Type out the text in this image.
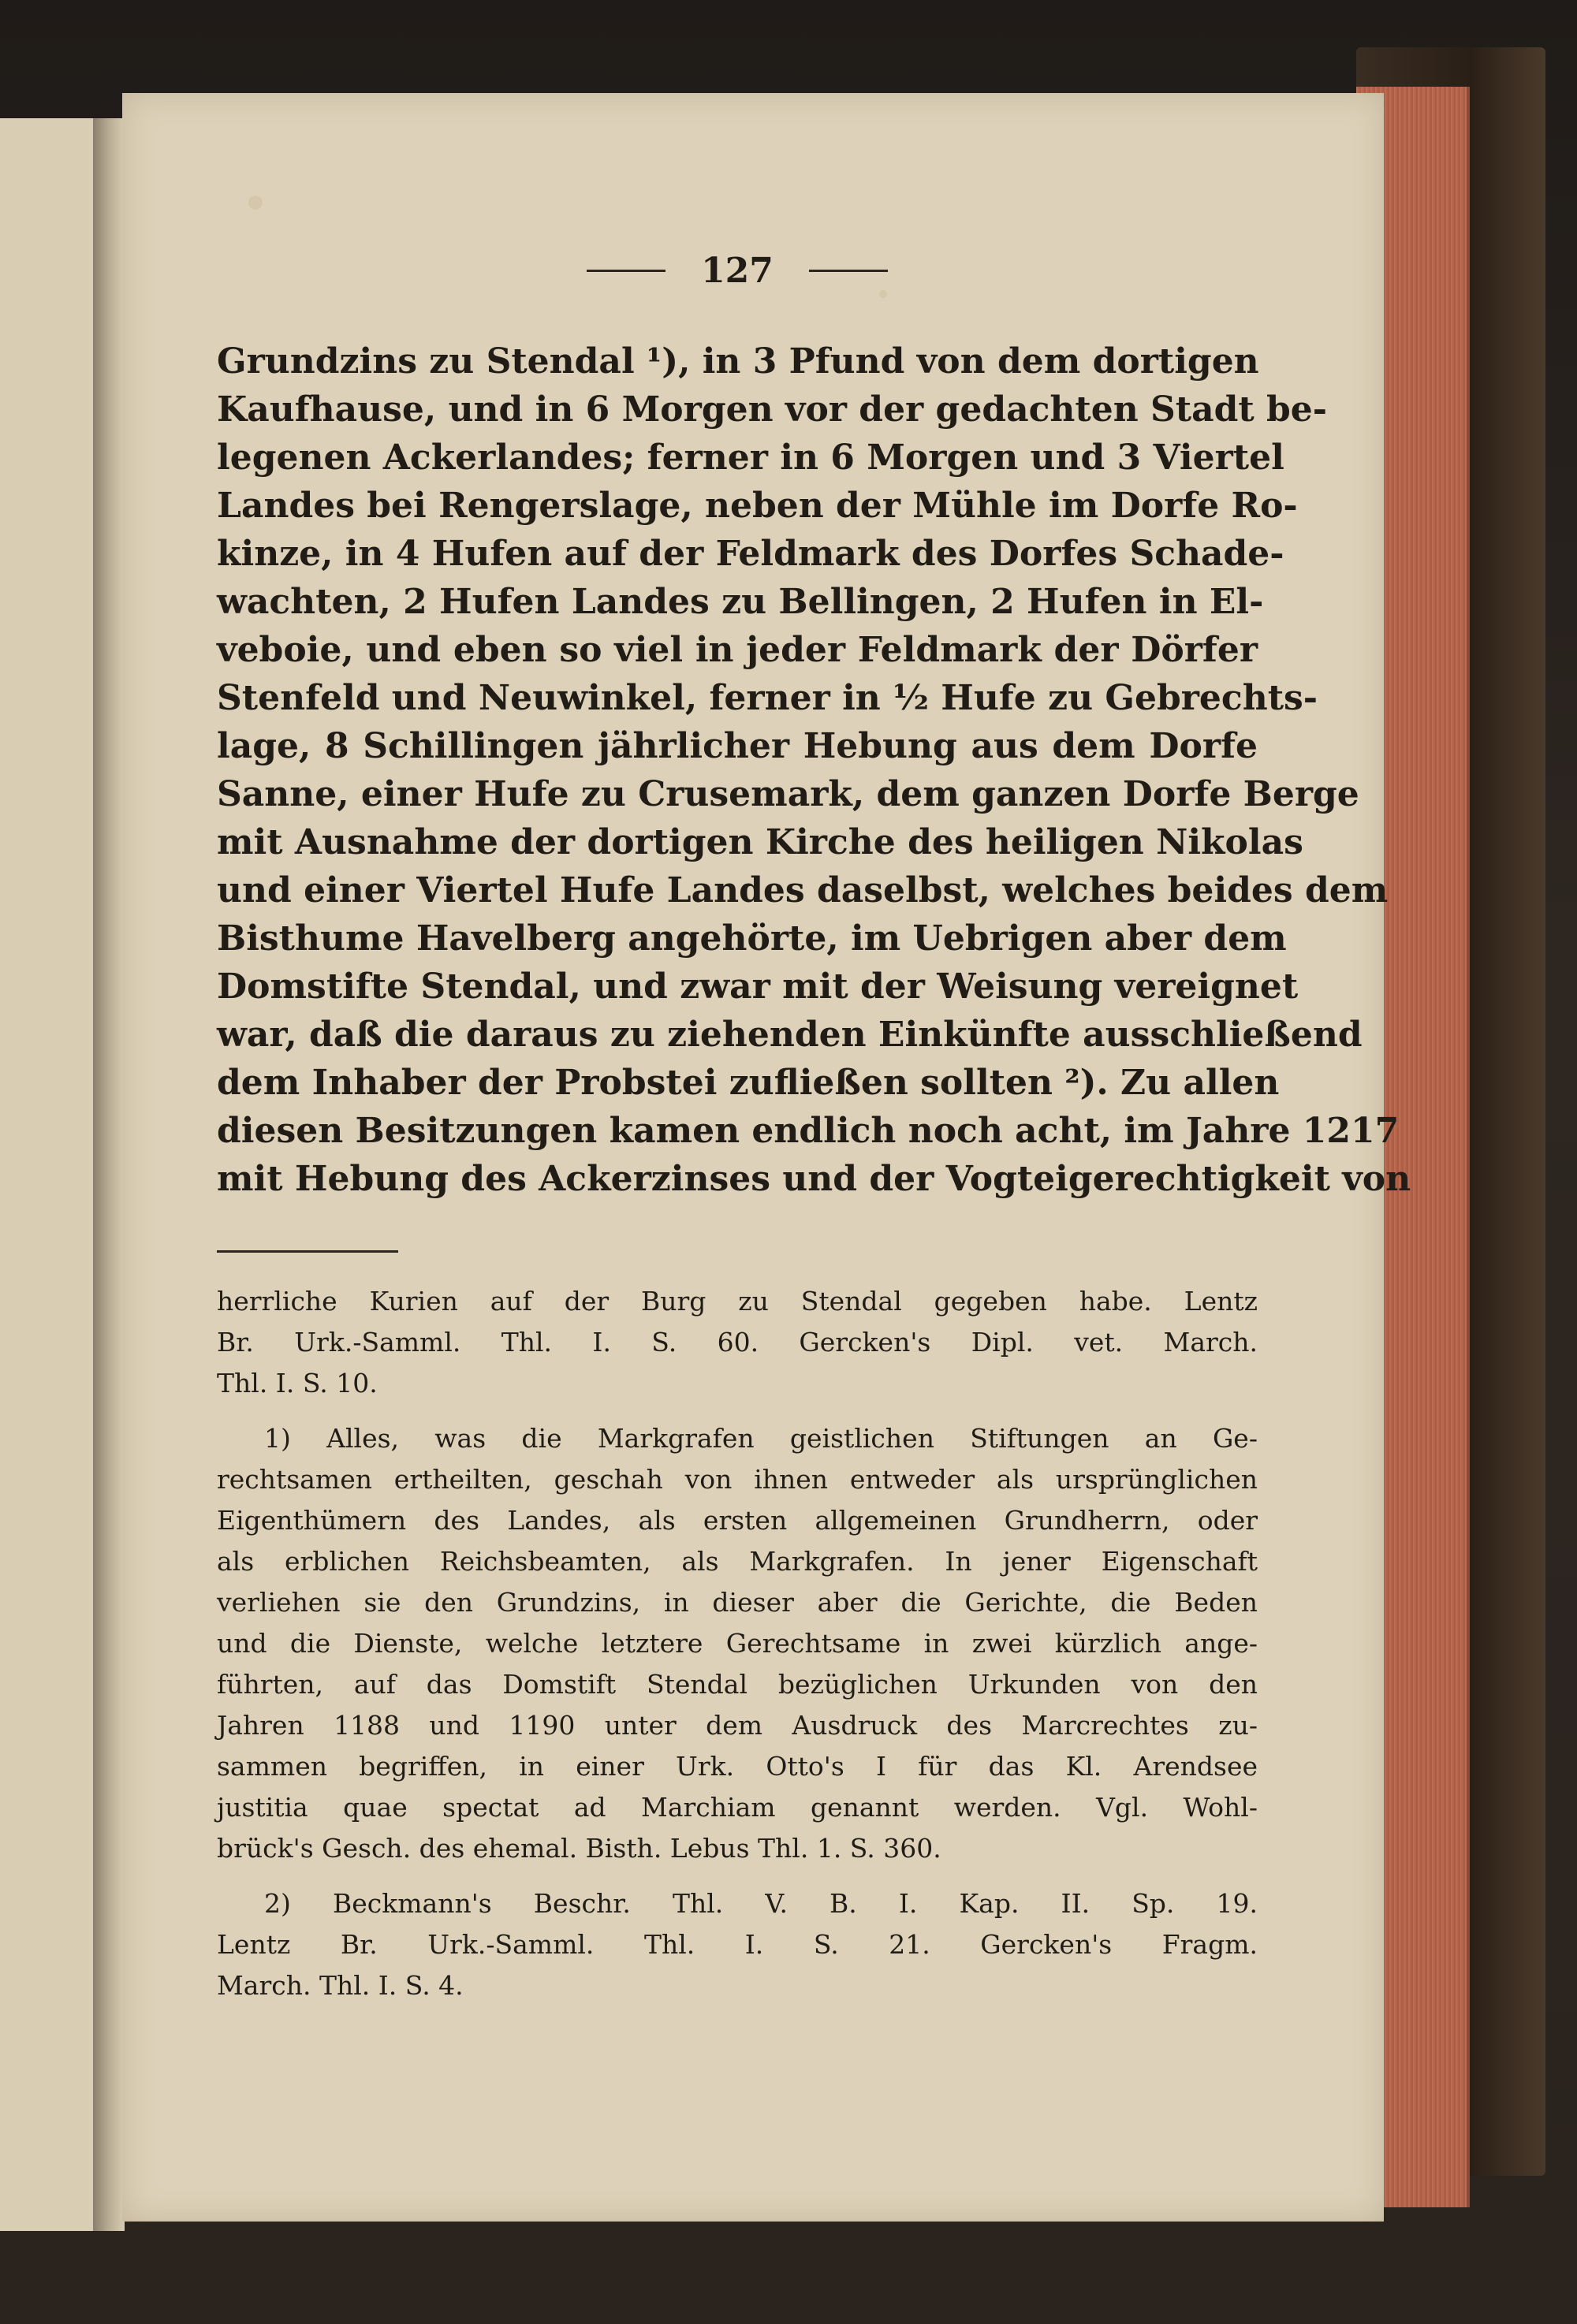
127
Grundzins zu Stendal ¹), in 3 Pfund von dem dortigen
Kaufhause, und in 6 Morgen vor der gedachten Stadt be-
legenen Ackerlandes; ferner in 6 Morgen und 3 Viertel
Landes bei Rengerslage, neben der Mühle im Dorfe Ro-
kinze, in 4 Hufen auf der Feldmark des Dorfes Schade-
wachten, 2 Hufen Landes zu Bellingen, 2 Hufen in El-
veboie, und eben so viel in jeder Feldmark der Dörfer
Stenfeld und Neuwinkel, ferner in ½ Hufe zu Gebrechts-
lage, 8 Schillingen jährlicher Hebung aus dem Dorfe
Sanne, einer Hufe zu Crusemark, dem ganzen Dorfe Berge
mit Ausnahme der dortigen Kirche des heiligen Nikolas
und einer Viertel Hufe Landes daselbst, welches beides dem
Bisthume Havelberg angehörte, im Uebrigen aber dem
Domstifte Stendal, und zwar mit der Weisung vereignet
war, daß die daraus zu ziehenden Einkünfte ausschließend
dem Inhaber der Probstei zufließen sollten ²). Zu allen
diesen Besitzungen kamen endlich noch acht, im Jahre 1217
mit Hebung des Ackerzinses und der Vogteigerechtigkeit von
herrliche Kurien auf der Burg zu Stendal gegeben habe. Lentz
Br. Urk.-Samml. Thl. I. S. 60. Gercken's Dipl. vet. March.
Thl. I. S. 10.
1) Alles, was die Markgrafen geistlichen Stiftungen an Ge-
rechtsamen ertheilten, geschah von ihnen entweder als ursprünglichen
Eigenthümern des Landes, als ersten allgemeinen Grundherrn, oder
als erblichen Reichsbeamten, als Markgrafen. In jener Eigenschaft
verliehen sie den Grundzins, in dieser aber die Gerichte, die Beden
und die Dienste, welche letztere Gerechtsame in zwei kürzlich ange-
führten, auf das Domstift Stendal bezüglichen Urkunden von den
Jahren 1188 und 1190 unter dem Ausdruck des Marcrechtes zu-
sammen begriffen, in einer Urk. Otto's I für das Kl. Arendsee
justitia quae spectat ad Marchiam genannt werden. Vgl. Wohl-
brück's Gesch. des ehemal. Bisth. Lebus Thl. 1. S. 360.
2) Beckmann's Beschr. Thl. V. B. I. Kap. II. Sp. 19.
Lentz Br. Urk.-Samml. Thl. I. S. 21. Gercken's Fragm.
March. Thl. I. S. 4.
